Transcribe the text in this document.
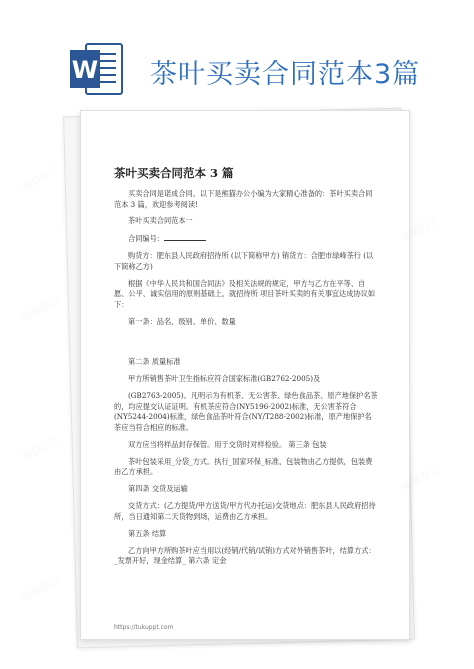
W 茶叶买卖合同范本3篇
茶叶买卖合同范本 3 篇

买卖合同是诺成合同。以下是熊猫办公小编为大家精心准备的：茶叶买卖合同范本 3 篇，欢迎参考阅读!

茶叶买卖合同范本一

合同编号：

购货方：肥东县人民政府招待所 (以下简称甲方) 销货方：合肥市绿峰茶行 (以下简称乙方)

根据《中华人民共和国合同法》及相关法规的规定，甲方与乙方在平等、自愿、公平、诚实信用的原则基础上，就招待所 项目茶叶买卖的有关事宜达成协议如下：

第一条：品名、级别、单价、数量

第二条 质量标准

甲方所销售茶叶卫生指标应符合国家标准(GB2762-2005)及

(GB2763-2005)。凡明示为有机茶、无公害茶、绿色食品茶、原产地保护名茶的，均应提交认证证明。有机茶应符合(NY5196-2002)标准，无公害茶符合(NY5244-2004)标准，绿色食品茶叶符合(NY/T288-2002)标准，原产地保护名茶应当符合相应的标准。

双方应当将样品封存保管。用于交货时对样检验。 第三条 包装

茶叶包装采用_分袋_方式。执行_国家环保_标准，包装物由乙方提供，包装费由乙方承担。

第四条 交货及运输

交货方式：(乙方提货/甲方送货/甲方代办托运)交货地点：肥东县人民政府招待所，当日通知第二天货物到场，运费由乙方承担。

第五条 结算

乙方向甲方所购茶叶应当用以(经销/代销/试销)方式对外销售茶叶，结算方式：_发票开好，现金结算_ 第六条 定金

https://tukuppt.com
熊猫办公
熊猫办公
熊猫办公
熊猫办公
熊猫办公
熊猫办公
